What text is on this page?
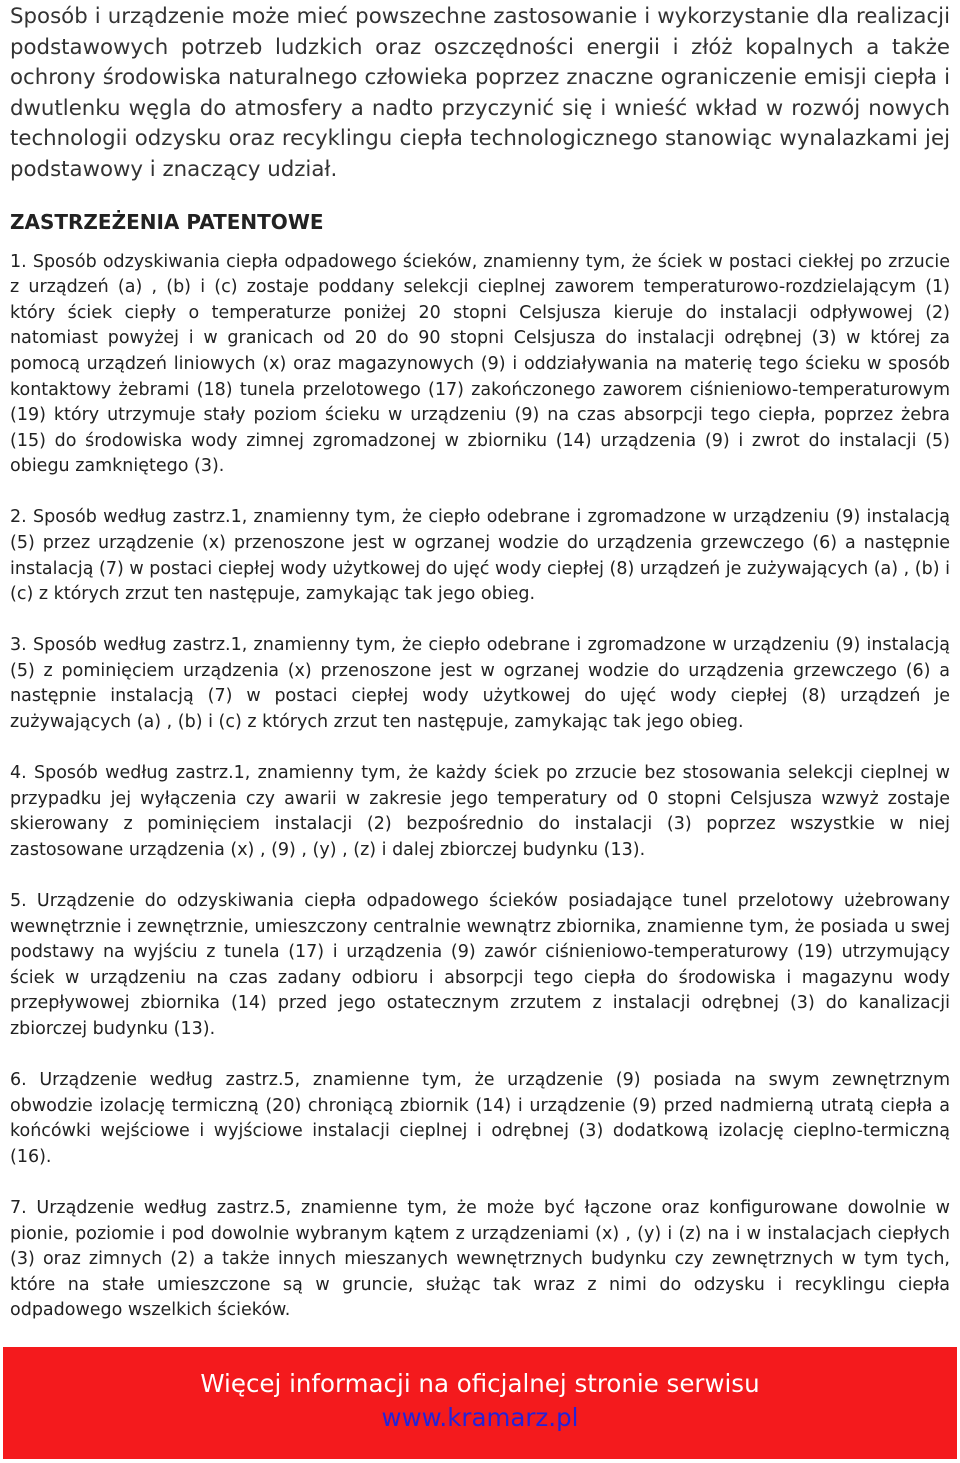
Sposób i urządzenie może mieć powszechne zastosowanie i wykorzystanie dla realizacji podstawowych potrzeb ludzkich oraz oszczędności energii i złóż kopalnych a także ochrony środowiska naturalnego człowieka poprzez znaczne ograniczenie emisji ciepła i dwutlenku węgla do atmosfery a nadto przyczynić się i wnieść wkład w rozwój nowych technologii odzysku oraz recyklingu ciepła technologicznego stanowiąc wynalazkami jej podstawowy i znaczący udział.

ZASTRZEŻENIA PATENTOWE

1. Sposób odzyskiwania ciepła odpadowego ścieków, znamienny tym, że ściek w postaci ciekłej po zrzucie z urządzeń (a) , (b) i (c) zostaje poddany selekcji cieplnej zaworem temperaturowo-rozdzielającym (1) który ściek ciepły o temperaturze poniżej 20 stopni Celsjusza kieruje do instalacji odpływowej (2) natomiast powyżej i w granicach od 20 do 90 stopni Celsjusza do instalacji odrębnej (3) w której za pomocą urządzeń liniowych (x) oraz magazynowych (9) i oddziaływania na materię tego ścieku w sposób kontaktowy żebrami (18) tunela przelotowego (17) zakończonego zaworem ciśnieniowo-temperaturowym (19) który utrzymuje stały poziom ścieku w urządzeniu (9) na czas absorpcji tego ciepła, poprzez żebra (15) do środowiska wody zimnej zgromadzonej w zbiorniku (14) urządzenia (9) i zwrot do instalacji (5) obiegu zamkniętego (3).

2. Sposób według zastrz.1, znamienny tym, że ciepło odebrane i zgromadzone w urządzeniu (9) instalacją (5) przez urządzenie (x) przenoszone jest w ogrzanej wodzie do urządzenia grzewczego (6) a następnie instalacją (7) w postaci ciepłej wody użytkowej do ujęć wody ciepłej (8) urządzeń je zużywających (a) , (b) i (c) z których zrzut ten następuje, zamykając tak jego obieg.

3. Sposób według zastrz.1, znamienny tym, że ciepło odebrane i zgromadzone w urządzeniu (9) instalacją (5) z pominięciem urządzenia (x) przenoszone jest w ogrzanej wodzie do urządzenia grzewczego (6) a następnie instalacją (7) w postaci ciepłej wody użytkowej do ujęć wody ciepłej (8) urządzeń je zużywających (a) , (b) i (c) z których zrzut ten następuje, zamykając tak jego obieg.

4. Sposób według zastrz.1, znamienny tym, że każdy ściek po zrzucie bez stosowania selekcji cieplnej w przypadku jej wyłączenia czy awarii w zakresie jego temperatury od 0 stopni Celsjusza wzwyż zostaje skierowany z pominięciem instalacji (2) bezpośrednio do instalacji (3) poprzez wszystkie w niej zastosowane urządzenia (x) , (9) , (y) , (z) i dalej zbiorczej budynku (13).

5. Urządzenie do odzyskiwania ciepła odpadowego ścieków posiadające tunel przelotowy użebrowany wewnętrznie i zewnętrznie, umieszczony centralnie wewnątrz zbiornika, znamienne tym, że posiada u swej podstawy na wyjściu z tunela (17) i urządzenia (9) zawór ciśnieniowo-temperaturowy (19) utrzymujący ściek w urządzeniu na czas zadany odbioru i absorpcji tego ciepła do środowiska i magazynu wody przepływowej zbiornika (14) przed jego ostatecznym zrzutem z instalacji odrębnej (3) do kanalizacji zbiorczej budynku (13).

6. Urządzenie według zastrz.5, znamienne tym, że urządzenie (9) posiada na swym zewnętrznym obwodzie izolację termiczną (20) chroniącą zbiornik (14) i urządzenie (9) przed nadmierną utratą ciepła a końcówki wejściowe i wyjściowe instalacji cieplnej i odrębnej (3) dodatkową izolację cieplno-termiczną (16).

7. Urządzenie według zastrz.5, znamienne tym, że może być łączone oraz konfigurowane dowolnie w pionie, poziomie i pod dowolnie wybranym kątem z urządzeniami (x) , (y) i (z) na i w instalacjach ciepłych (3) oraz zimnych (2) a także innych mieszanych wewnętrznych budynku czy zewnętrznych w tym tych, które na stałe umieszczone są w gruncie, służąc tak wraz z nimi do odzysku i recyklingu ciepła odpadowego wszelkich ścieków.

Więcej informacji na oficjalnej stronie serwisu
www.kramarz.pl
